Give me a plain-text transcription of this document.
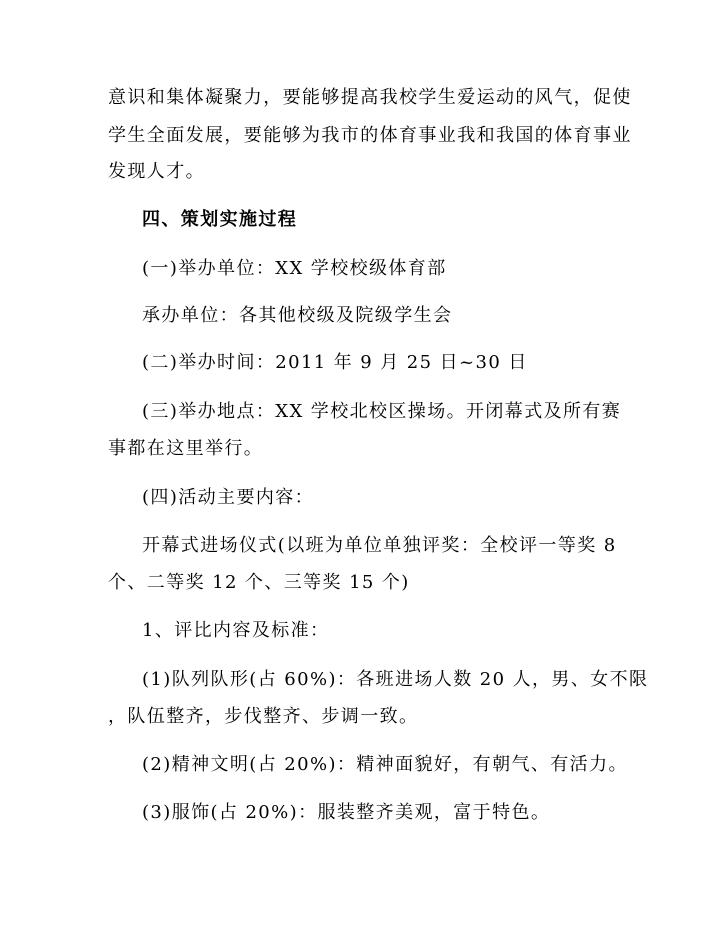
意识和集体凝聚力，要能够提高我校学生爱运动的风气，促使
学生全面发展，要能够为我市的体育事业我和我国的体育事业
发现人才。
四、策划实施过程
(一)举办单位：XX 学校校级体育部
承办单位：各其他校级及院级学生会
(二)举办时间：2011 年 9 月 25 日~30 日
(三)举办地点：XX 学校北校区操场。开闭幕式及所有赛
事都在这里举行。
(四)活动主要内容：
开幕式进场仪式(以班为单位单独评奖：全校评一等奖 8
个、二等奖 12 个、三等奖 15 个)
1、评比内容及标准：
(1)队列队形(占 60%)：各班进场人数 20 人，男、女不限
，队伍整齐，步伐整齐、步调一致。
(2)精神文明(占 20%)：精神面貌好，有朝气、有活力。
(3)服饰(占 20%)：服装整齐美观，富于特色。
